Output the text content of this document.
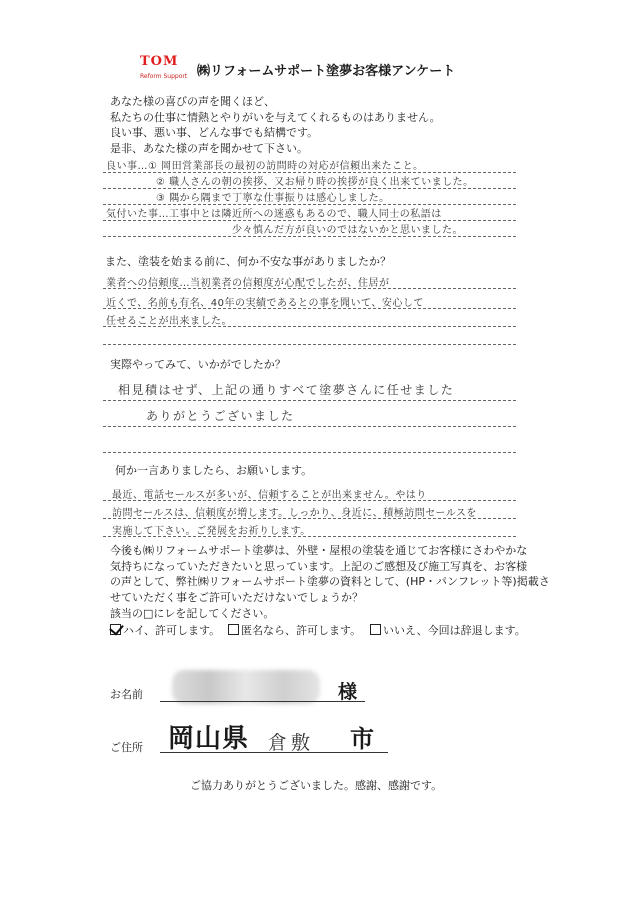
TOM
Reform Support ㈱リフォームサポート塗夢お客様アンケート
あなた様の喜びの声を聞くほど、
私たちの仕事に情熱とやりがいを与えてくれるものはありません。
良い事、悪い事、どんな事でも結構です。
是非、あなた様の声を聞かせて下さい。
良い事…① 岡田営業部長の最初の訪問時の対応が信頼出来たこと。
② 職人さんの朝の挨拶、又お帰り時の挨拶が良く出来ていました。
③ 隅から隅まで丁寧な仕事振りは感心しました。
気付いた事…工事中とは隣近所への迷惑もあるので、職人同士の私語は
少々慎んだ方が良いのではないかと思いました。
また、塗装を始まる前に、何か不安な事がありましたか？
業者への信頼度…当初業者の信頼度が心配でしたが、住居が
近くで、名前も有名、40年の実績であるとの事を聞いて、安心して
任せることが出来ました。
実際やってみて、いかがでしたか？
相見積はせず、上記の通りすべて塗夢さんに任せました
ありがとうございました
何か一言ありましたら、お願いします。
最近、電話セールスが多いが、信頼することが出来ません。やはり
訪問セールスは、信頼度が増します。しっかり、身近に、積極訪問セールスを
実施して下さい。ご発展をお祈りします。
今後も㈱リフォームサポート塗夢は、外壁・屋根の塗装を通じてお客様にさわやかな
気持ちになっていただきたいと思っています。上記のご感想及び施工写真を、お客様
の声として、弊社㈱リフォームサポート塗夢の資料として、(HP・パンフレット等)掲載さ
せていただく事をご許可いただけないでしょうか？
該当の□にレを記してください。
ハイ、許可します。	匿名なら、許可します。	いいえ、今回は辞退します。
お名前	様
ご住所 岡山県 倉敷 市
ご協力ありがとうございました。感謝、感謝です。
